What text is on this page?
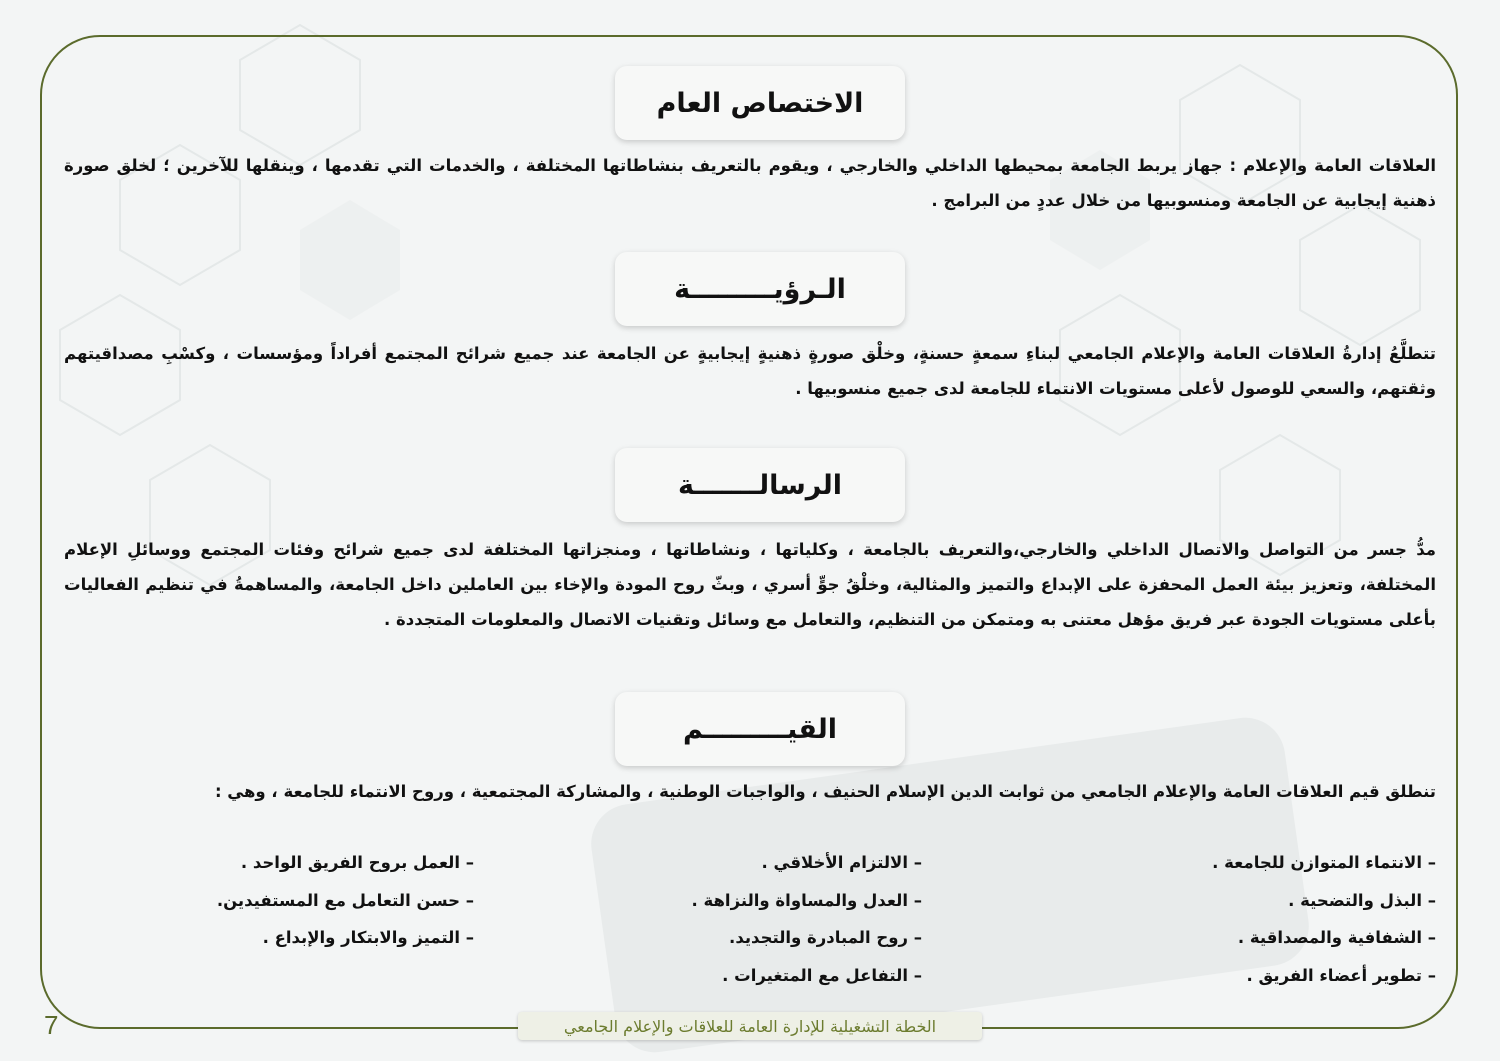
الاختصاص العام
العلاقات العامة والإعلام : جهاز يربط الجامعة بمحيطها الداخلي والخارجي ، ويقوم بالتعريف بنشاطاتها المختلفة ، والخدمات التي تقدمها ، وينقلها للآخرين ؛ لخلق صورة ذهنية إيجابية عن الجامعة ومنسوبيها من خلال عددٍ من البرامج .
الـرؤيـــــــــة
تتطلَّعُ إدارةُ العلاقات العامة والإعلام الجامعي لبناءِ سمعةٍ حسنةٍ، وخلْق صورةٍ ذهنيةٍ إيجابيةٍ عن الجامعة عند جميع شرائح المجتمع أفراداً ومؤسسات ، وكسْبِ مصداقيتهم وثقتهم، والسعي للوصول لأعلى مستويات الانتماء للجامعة لدى جميع منسوبيها .
الرسالـــــــة
مدُّ جسر من التواصل والاتصال الداخلي والخارجي،والتعريف بالجامعة ، وكلياتها ، ونشاطاتها ، ومنجزاتها المختلفة لدى جميع شرائح وفئات المجتمع ووسائلِ الإعلام المختلفة، وتعزيز بيئة العمل المحفزة على الإبداع والتميز والمثالية، وخلْقُ جوٍّ أسري ، وبثّ روح المودة والإخاء بين العاملين داخل الجامعة، والمساهمةُ في تنظيم الفعاليات بأعلى مستويات الجودة عبر فريق مؤهل معتنى به ومتمكن من التنظيم، والتعامل مع وسائل وتقنيات الاتصال والمعلومات المتجددة .
القيـــــــــم
تنطلق قيم العلاقات العامة والإعلام الجامعي من ثوابت الدين الإسلام الحنيف ، والواجبات الوطنية ، والمشاركة المجتمعية ، وروح الانتماء للجامعة ، وهي :
– الانتماء المتوازن للجامعة .
– البذل والتضحية .
– الشفافية والمصداقية .
– تطوير أعضاء الفريق .
– الالتزام الأخلاقي .
– العدل والمساواة والنزاهة .
– روح المبادرة والتجديد.
– التفاعل مع المتغيرات .
– العمل بروح الفريق الواحد .
– حسن التعامل مع المستفيدين.
– التميز والابتكار والإبداع .
7	الخطة التشغيلية للإدارة العامة للعلاقات والإعلام الجامعي
